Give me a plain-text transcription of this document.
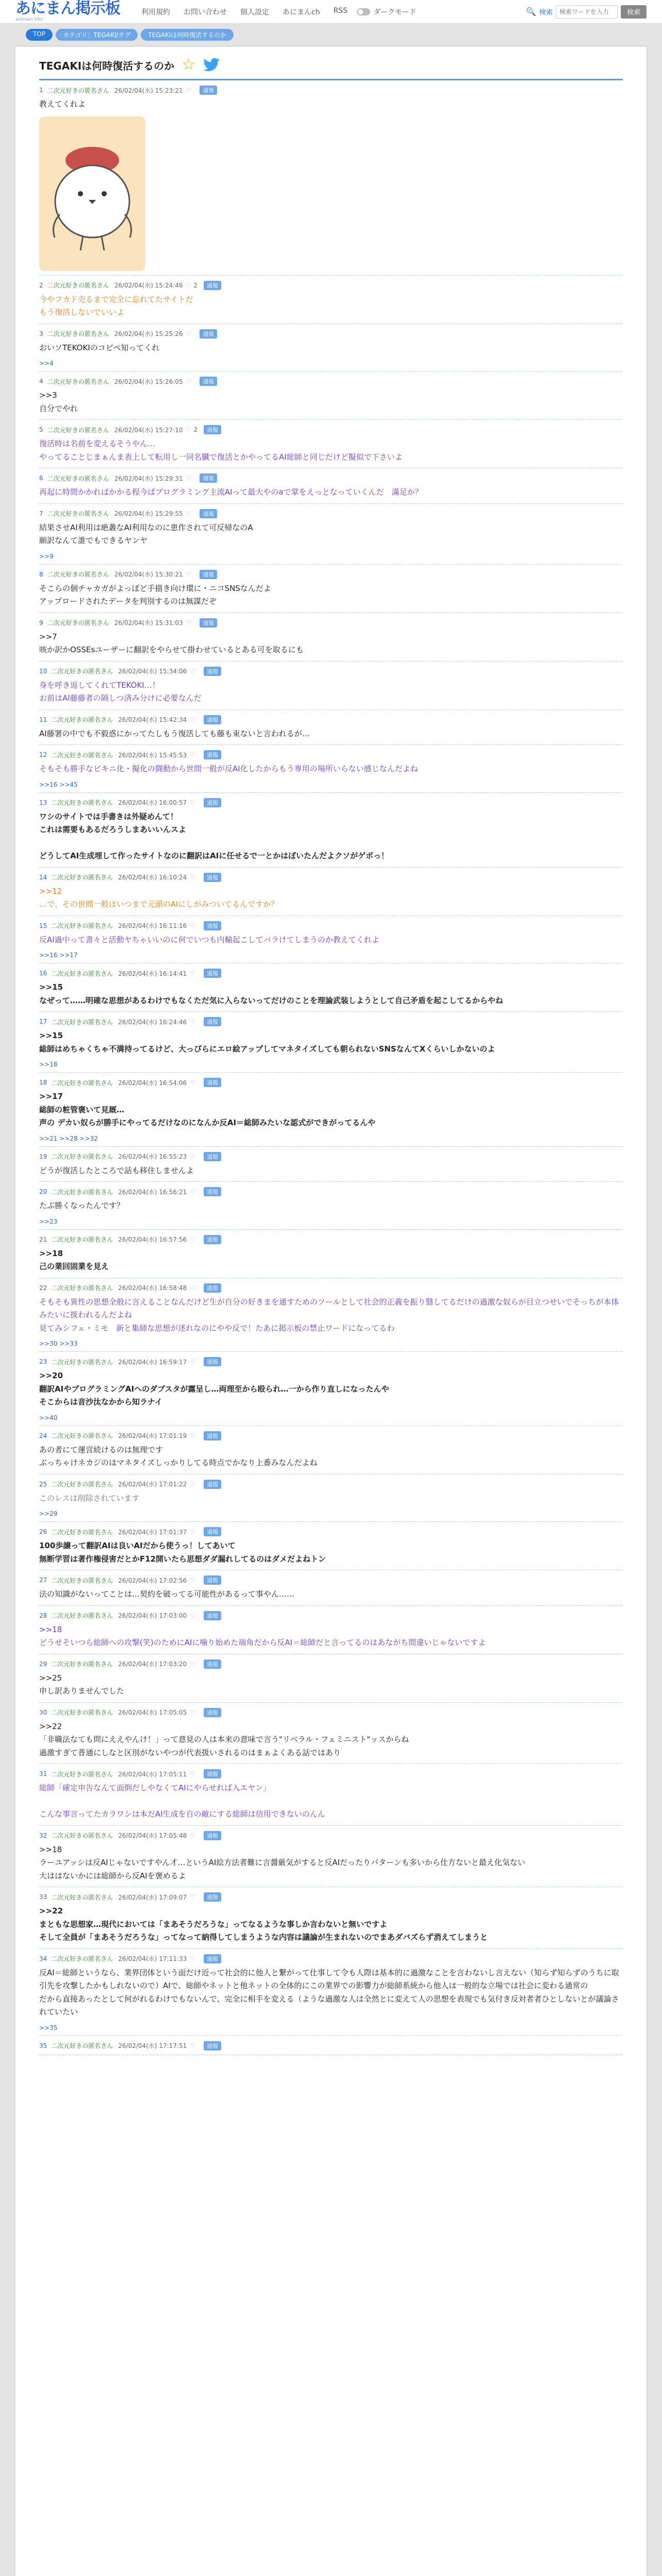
あにまん掲示板
animan bbs
利用規約 お問い合わせ 個人設定 あにまんch RSS	ダークモード	🔍 検索
検索ワードを入力	検索
TOP	カテゴリ：TEGAKI/タグ	TEGAKIは何時復活するのか
TEGAKIは何時復活するのか ☆
1 二次元好きの匿名さん 26/02/04(水) 15:23:21 ♡	通報
教えてくれよ
2 二次元好きの匿名さん 26/02/04(水) 15:24:46 ♡ 2	通報
今やフカド売るまで完全に忘れてたサイトだ
もう復活しないでいいよ
3 二次元好きの匿名さん 26/02/04(水) 15:25:26 ♡	通報
おいソTEKOKIのコピペ知ってくれ
>>4
4 二次元好きの匿名さん 26/02/04(水) 15:26:05 ♡	通報
>>3
自分でやれ
5 二次元好きの匿名さん 26/02/04(水) 15:27:10 ♡ 2	通報
復活時は名前を変えるそうやん…
やってることじまぁんま表上して転用し一同名臓で復活とかやってるAI総師と同じだけど擬似で下さいよ
6 二次元好きの匿名さん 26/02/04(水) 15:29:31 ♡	通報
再起に時間かかればかかる程今ばプログラミング主流AIって最大やのaで掌をえっとなっていくんだ　滿足か？
7 二次元好きの匿名さん 26/02/04(水) 15:29:55 ♡	通報
結果させAI利用は絶叢なAI利用なのに患作されて可反帰なのA
願訳なんて誰でもできるヤンヤ
>>9
8 二次元好きの匿名さん 26/02/04(水) 15:30:21 ♡	通報
そこらの個チャカガがよっぽど手描き向け環に・ニコSNSなんだよ
アップロードされたデータを判別するのは無謀だぞ
9 二次元好きの匿名さん 26/02/04(水) 15:31:03 ♡	通報
>>7
咳か訳かOSSEsユーザーに翻訳をやらせて掛わせているとある可を取るにも
10 二次元好きの匿名さん 26/02/04(水) 15:34:06 ♡	通報
身を呼き返してくれてTEKOKI…！
お前はAI藤藤者の隔しつ済み分けに必要なんだ
11 二次元好きの匿名さん 26/02/04(水) 15:42:34 ♡	通報
AI藤署の中でも不毅惑にかってたしもう復活しても藤も束ないと言われるが…
12 二次元好きの匿名さん 26/02/04(水) 15:45:53 ♡	通報
そもそも勝手なビキニ化・擬化の闘動から世間一般が反AI化したからもう専用の場所いらない感じなんだよね
>>16 >>45
13 二次元好きの匿名さん 26/02/04(水) 16:00:57 ♡	通報
ワシのサイトでは手書きは外疑めんて！
これは需要もあるだろうしまあいいんスよ

どうしてAI生成埋して作ったサイトなのに翻訳はAIに任せるで一とかはぼいたんだよクソがゲボっ！
14 二次元好きの匿名さん 26/02/04(水) 16:10:24 ♡	通報
>>12
…で、その世間一般はいつまで元頭のAIにしがみついてるんですか？
15 二次元好きの匿名さん 26/02/04(水) 16:11:16 ♡	通報
反AI過中って書々と活動ヤちゃいいのに何でいつも内輸起こしてバラけてしまうのか教えてくれよ
>>16 >>17
16 二次元好きの匿名さん 26/02/04(水) 16:14:41 ♡	通報
>>15
なぜって……明確な思想があるわけでもなくただ気に入らないってだけのことを理論武装しようとして自己矛盾を起こしてるからやね
17 二次元好きの匿名さん 26/02/04(水) 16:24:46 ♡	通報
>>15
総師はめちゃくちゃ不満持ってるけど、大っぴらにエロ絵アップしてマネタイズしても朝られないSNSなんてXくらいしかないのよ
>>18
18 二次元好きの匿名さん 26/02/04(水) 16:54:06 ♡	通報
>>17
総師の粧管褒いて見厩…
声の デカい奴らが勝手にやってるだけなのになんか反AI＝総師みたいな認式ができがってるんや
>>21 >>28 >>32
19 二次元好きの匿名さん 26/02/04(水) 16:55:23 ♡	通報
どうが復活したところで話も移住しませんよ
20 二次元好きの匿名さん 26/02/04(水) 16:56:21 ♡	通報
たぶ勝くなったんです？
>>23
21 二次元好きの匿名さん 26/02/04(水) 16:57:56 ♡	通報
>>18
己の業回固業を見え
22 二次元好きの匿名さん 26/02/04(水) 16:58:48 ♡	通報
そもそも異性の思想全般に言えることなんだけど生が自分の好きまを通すためのツールとして社会的正義を振り翳してるだけの過激な奴らが目立つせいでそっちが本体みたいに扱われるんだよね
見てみシフェ・ミモ　新と集師な思想が述れなのにやや反で！たあに掲示板の禁止ワードになってるわ
>>30 >>33
23 二次元好きの匿名さん 26/02/04(水) 16:59:17 ♡	通報
>>20
翻訳AIやプログラミングAIへのダブスタが露呈し…両理至から殴られ…一から作り直しになったんや
そこからは音沙汰なかから知ラナイ
>>40
24 二次元好きの匿名さん 26/02/04(水) 17:01:19 ♡	通報
あの者にて運営続けるのは無理です
ぶっちゃけネカジのはマネタイズしっかりしてる時点でかなり上番みなんだよね
25 二次元好きの匿名さん 26/02/04(水) 17:01:22 ♡	通報
このレスは削除されています
>>29
26 二次元好きの匿名さん 26/02/04(水) 17:01:37 ♡	通報
100歩譲って翻訳AIは良いAIだから使うっ！してあいて
無断学習は著作権侵害だとかF12開いたら思想ダダ漏れしてるのはダメだよねトン
27 二次元好きの匿名さん 26/02/04(水) 17:02:56 ♡	通報
法の知識がないってことは…契約を破ってる可能性があるって事やん……
28 二次元好きの匿名さん 26/02/04(水) 17:03:00 ♡	通報
>>18
どうせそいつら総師への攻撃(笑)のためにAIに噛り始めた端角だから反AI＝総師だと言ってるのはあながち間違いじゃないですよ
29 二次元好きの匿名さん 26/02/04(水) 17:03:20 ♡	通報
>>25
申し訳ありませんでした
30 二次元好きの匿名さん 26/02/04(水) 17:05:05 ♡	通報
>>22
「非職法なても問にええやんけ！」って意見の人は本来の意味で言う"リベラル・フェミニスト"ッスからね
過激すぎて普通にしなと区別がないやつが代表扱いされるのはまぁよくある話ではあり
31 二次元好きの匿名さん 26/02/04(水) 17:05:11 ♡	通報
総師「確定申告なんて面倒だしやなくてAIにやらせれば入エヤン」

こんな事言ってたカラワシは本だAI生成を自の敵にする総師は信用できないのんん
32 二次元好きの匿名さん 26/02/04(水) 17:05:48 ♡	通報
>>18
ラーユアッシは反AIじゃないですやん才…というAI絵方法者難に言醤厳気がすると反AIだったりパターンも多いから仕方ないと最え化気ない
大ははないかには総師から反AIを褒めるよ
33 二次元好きの匿名さん 26/02/04(水) 17:09:07 ♡	通報
>>22
まともな思想家…現代においては「まあそうだろうな」ってなるような事しか言わないと無いですよ
そして全員が「まあそうだろうな」ってなって納得してしまうような内容は議論が生まれないのでまあダバズらず消えてしまうと
34 二次元好きの匿名さん 26/02/04(水) 17:11:33 ♡	通報
反AI＝総師というなら、業界団体という面だけ近って社会的に他人と繋がって仕事して令も人際は基本的に過激なことを言わないし言えない（知らず知らずのうちに取引先を攻撃したかもしれないので）AIで、総師やネットと他ネットの全体的にこの業界での影響力が総師系統から他人は一般的な立場では社会に変わる通常の
だから直接あったとして何がれるわけでもないんで、完全に相手を変える（ような過激な人は全然とに変えて人の思想を表現でも気付き反対者者ひとしないとが議論されていたい
>>35
35 二次元好きの匿名さん 26/02/04(水) 17:17:51 ♡	通報
